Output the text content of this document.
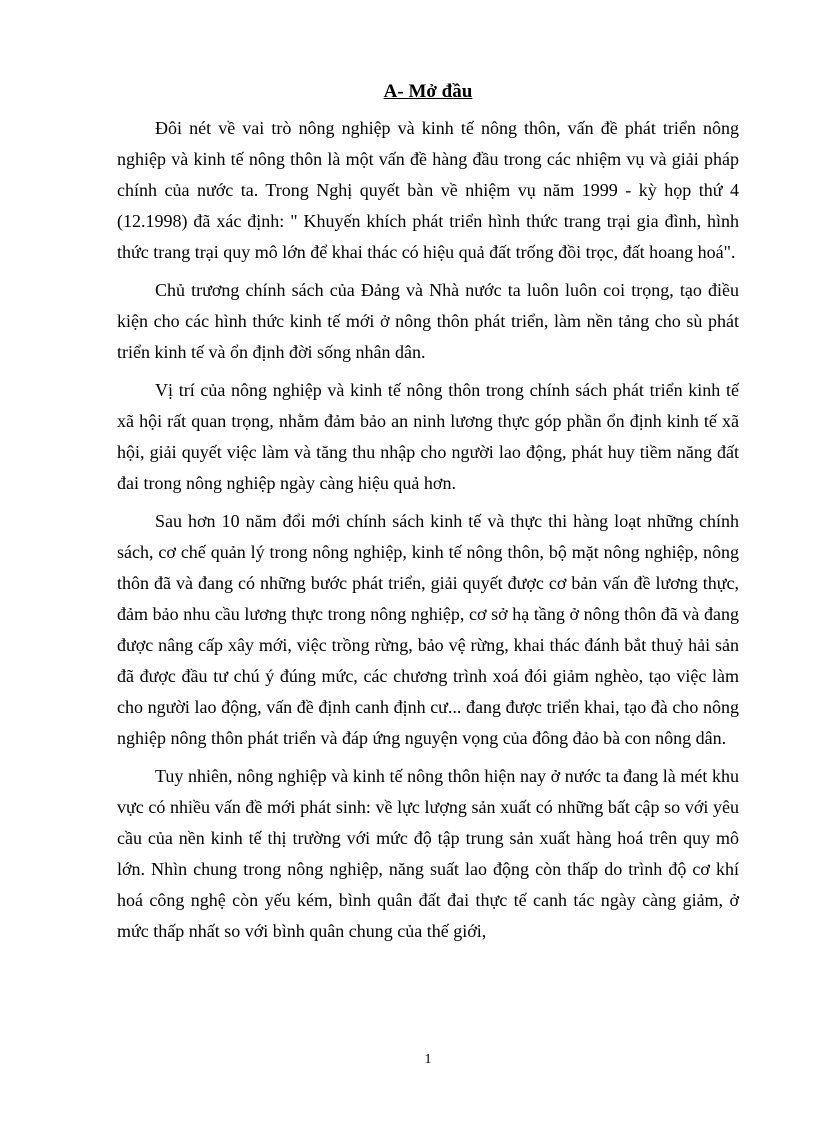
A- Mở đầu

Đôi nét về vai trò nông nghiệp và kinh tế nông thôn, vấn đề phát triển nông nghiệp và kinh tế nông thôn là một vấn đề hàng đầu trong các nhiệm vụ và giải pháp chính của nước ta. Trong Nghị quyết bàn về nhiệm vụ năm 1999 - kỳ họp thứ 4 (12.1998) đã xác định: " Khuyến khích phát triển hình thức trang trại gia đình, hình thức trang trại quy mô lớn để khai thác có hiệu quả đất trống đồi trọc, đất hoang hoá".

Chủ trương chính sách của Đảng và Nhà nước ta luôn luôn coi trọng, tạo điều kiện cho các hình thức kinh tế mới ở nông thôn phát triển, làm nền tảng cho sù phát triển kinh tế và ổn định đời sống nhân dân.

Vị trí của nông nghiệp và kinh tế nông thôn trong chính sách phát triển kinh tế xã hội rất quan trọng, nhằm đảm bảo an ninh lương thực góp phần ổn định kinh tế xã hội, giải quyết việc làm và tăng thu nhập cho người lao động, phát huy tiềm năng đất đai trong nông nghiệp ngày càng hiệu quả hơn.

Sau hơn 10 năm đổi mới chính sách kinh tế và thực thi hàng loạt những chính sách, cơ chế quản lý trong nông nghiệp, kinh tế nông thôn, bộ mặt nông nghiệp, nông thôn đã và đang có những bước phát triển, giải quyết được cơ bản vấn đề lương thực, đảm bảo nhu cầu lương thực trong nông nghiệp, cơ sở hạ tầng ở nông thôn đã và đang được nâng cấp xây mới, việc trồng rừng, bảo vệ rừng, khai thác đánh bắt thuỷ hải sản đã được đầu tư chú ý đúng mức, các chương trình xoá đói giảm nghèo, tạo việc làm cho người lao động, vấn đề định canh định cư... đang được triển khai, tạo đà cho nông nghiệp nông thôn phát triển và đáp ứng nguyện vọng của đông đảo bà con nông dân.

Tuy nhiên, nông nghiệp và kinh tế nông thôn hiện nay ở nước ta đang là mét khu vực có nhiều vấn đề mới phát sinh: về lực lượng sản xuất có những bất cập so với yêu cầu của nền kinh tế thị trường với mức độ tập trung sản xuất hàng hoá trên quy mô lớn. Nhìn chung trong nông nghiệp, năng suất lao động còn thấp do trình độ cơ khí hoá công nghệ còn yếu kém, bình quân đất đai thực tế canh tác ngày càng giảm, ở mức thấp nhất so với bình quân chung của thế giới,

1
